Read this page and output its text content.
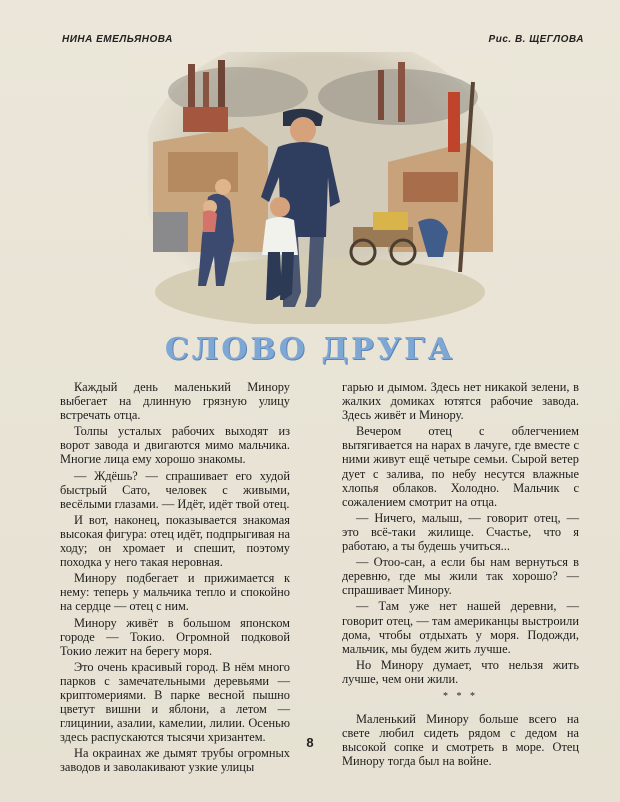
НИНА ЕМЕЛЬЯНОВА	Рис. В. ЩЕГЛОВА
СЛОВО ДРУГА

Каждый день маленький Минору выбегает на длинную грязную улицу встречать отца.

Толпы усталых рабочих выходят из ворот завода и двигаются мимо мальчика. Многие лица ему хорошо знакомы.

— Ждёшь? — спрашивает его худой быстрый Сато, человек с живыми, весёлыми глазами. — Идёт, идёт твой отец.

И вот, наконец, показывается знакомая высокая фигура: отец идёт, подпрыгивая на ходу; он хромает и спешит, поэтому походка у него такая неровная.

Минору подбегает и прижимается к нему: теперь у мальчика тепло и спокойно на сердце — отец с ним.

Минору живёт в большом японском городе — Токио. Огромной подковой Токио лежит на берегу моря.

Это очень красивый город. В нём много парков с замечательными деревьями — криптомериями. В парке весной пышно цветут вишни и яблони, а летом — глицинии, азалии, камелии, лилии. Осенью здесь распускаются тысячи хризантем.

На окраинах же дымят трубы огромных заводов и заволакивают узкие улицы

гарью и дымом. Здесь нет никакой зелени, в жалких домиках ютятся рабочие завода. Здесь живёт и Минору.

Вечером отец с облегчением вытягивается на нарах в лачуге, где вместе с ними живут ещё четыре семьи. Сырой ветер дует с залива, по небу несутся влажные хлопья облаков. Холодно. Мальчик с сожалением смотрит на отца.

— Ничего, малыш, — говорит отец, — это всё-таки жилище. Счастье, что я работаю, а ты будешь учиться...

— Отоо-сан, а если бы нам вернуться в деревню, где мы жили так хорошо? — спрашивает Минору.

— Там уже нет нашей деревни, — говорит отец, — там американцы выстроили дома, чтобы отдыхать у моря. Подожди, мальчик, мы будем жить лучше.

Но Минору думает, что нельзя жить лучше, чем они жили.

* * *

Маленький Минору больше всего на свете любил сидеть рядом с дедом на высокой сопке и смотреть в море. Отец Минору тогда был на войне.

8
